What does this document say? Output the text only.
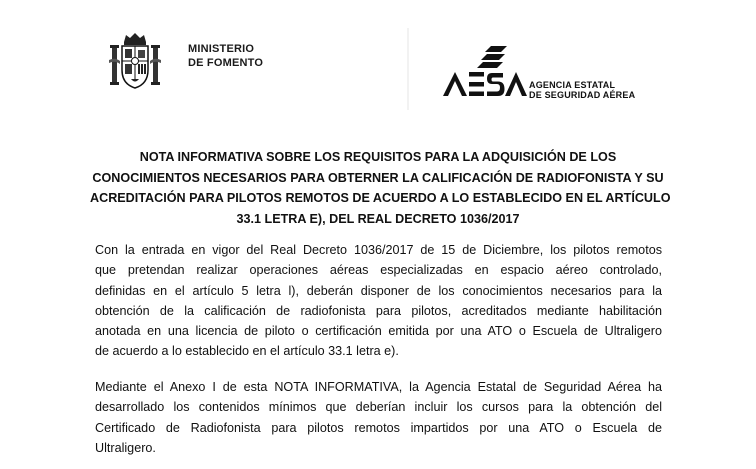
MINISTERIO
DE FOMENTO
AGENCIA ESTATAL
DE SEGURIDAD AÉREA
NOTA INFORMATIVA SOBRE LOS REQUISITOS PARA LA ADQUISICIÓN DE LOS
CONOCIMIENTOS NECESARIOS PARA OBTERNER LA CALIFICACIÓN DE RADIOFONISTA Y SU
ACREDITACIÓN PARA PILOTOS REMOTOS DE ACUERDO A LO ESTABLECIDO EN EL ARTÍCULO
33.1 LETRA E), DEL REAL DECRETO 1036/2017
Con la entrada en vigor del Real Decreto 1036/2017 de 15 de Diciembre, los pilotos remotos
que pretendan realizar operaciones aéreas especializadas en espacio aéreo controlado,
definidas en el artículo 5 letra l), deberán disponer de los conocimientos necesarios para la
obtención de la calificación de radiofonista para pilotos, acreditados mediante habilitación
anotada en una licencia de piloto o certificación emitida por una ATO o Escuela de Ultraligero
de acuerdo a lo establecido en el artículo 33.1 letra e).
Mediante el Anexo I de esta NOTA INFORMATIVA, la Agencia Estatal de Seguridad Aérea ha
desarrollado los contenidos mínimos que deberían incluir los cursos para la obtención del
Certificado de Radiofonista para pilotos remotos impartidos por una ATO o Escuela de
Ultraligero.
